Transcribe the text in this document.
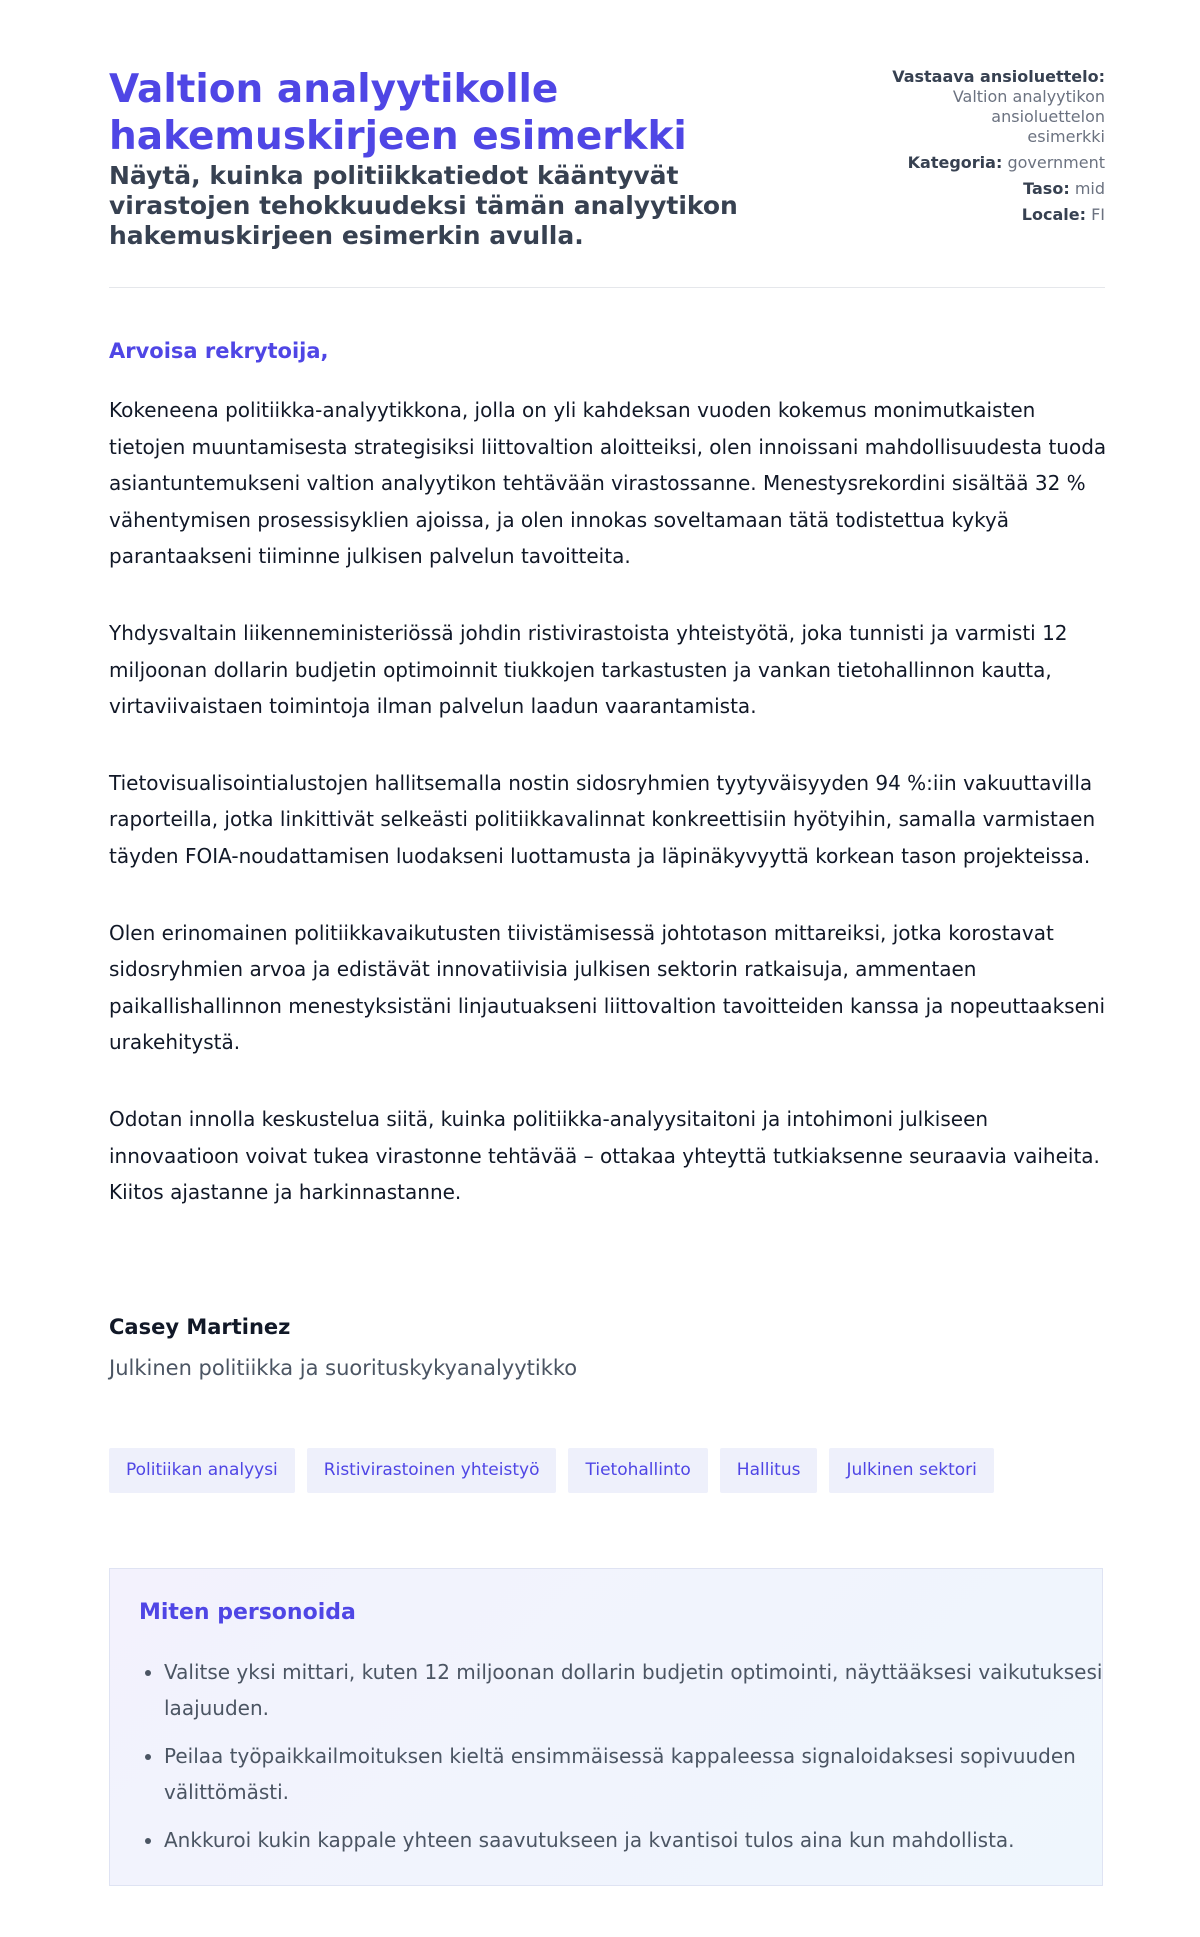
Valtion analyytikolle hakemuskirjeen esimerkki
Näytä, kuinka politiikkatiedot kääntyvät virastojen tehokkuudeksi tämän analyytikon hakemuskirjeen esimerkin avulla.
Vastaava ansioluettelo:
Valtion analyytikon ansioluettelon esimerkki
Kategoria: government
Taso: mid
Locale: FI
Arvoisa rekrytoija,

Kokeneena politiikka-analyytikkona, jolla on yli kahdeksan vuoden kokemus monimutkaisten tietojen muuntamisesta strategisiksi liittovaltion aloitteiksi, olen innoissani mahdollisuudesta tuoda asiantuntemukseni valtion analyytikon tehtävään virastossanne. Menestysrekordini sisältää 32 % vähentymisen prosessisyklien ajoissa, ja olen innokas soveltamaan tätä todistettua kykyä parantaakseni tiiminne julkisen palvelun tavoitteita.

Yhdysvaltain liikenneministeriössä johdin ristivirastoista yhteistyötä, joka tunnisti ja varmisti 12 miljoonan dollarin budjetin optimoinnit tiukkojen tarkastusten ja vankan tietohallinnon kautta, virtaviivaistaen toimintoja ilman palvelun laadun vaarantamista.

Tietovisualisointialustojen hallitsemalla nostin sidosryhmien tyytyväisyyden 94 %:iin vakuuttavilla raporteilla, jotka linkittivät selkeästi politiikkavalinnat konkreettisiin hyötyihin, samalla varmistaen täyden FOIA-noudattamisen luodakseni luottamusta ja läpinäkyvyyttä korkean tason projekteissa.

Olen erinomainen politiikkavaikutusten tiivistämisessä johtotason mittareiksi, jotka korostavat sidosryhmien arvoa ja edistävät innovatiivisia julkisen sektorin ratkaisuja, ammentaen paikallishallinnon menestyksistäni linjautuakseni liittovaltion tavoitteiden kanssa ja nopeuttaakseni urakehitystä.

Odotan innolla keskustelua siitä, kuinka politiikka-analyysitaitoni ja intohimoni julkiseen innovaatioon voivat tukea virastonne tehtävää – ottakaa yhteyttä tutkiaksenne seuraavia vaiheita. Kiitos ajastanne ja harkinnastanne.

Casey Martinez
Julkinen politiikka ja suorituskykyanalyytikko
Politiikan analyysi	Ristivirastoinen yhteistyö	Tietohallinto	Hallitus	Julkinen sektori
Miten personoida
• Valitse yksi mittari, kuten 12 miljoonan dollarin budjetin optimointi, näyttääksesi vaikutuksesi laajuuden.
• Peilaa työpaikkailmoituksen kieltä ensimmäisessä kappaleessa signaloidaksesi sopivuuden välittömästi.
• Ankkuroi kukin kappale yhteen saavutukseen ja kvantisoi tulos aina kun mahdollista.
